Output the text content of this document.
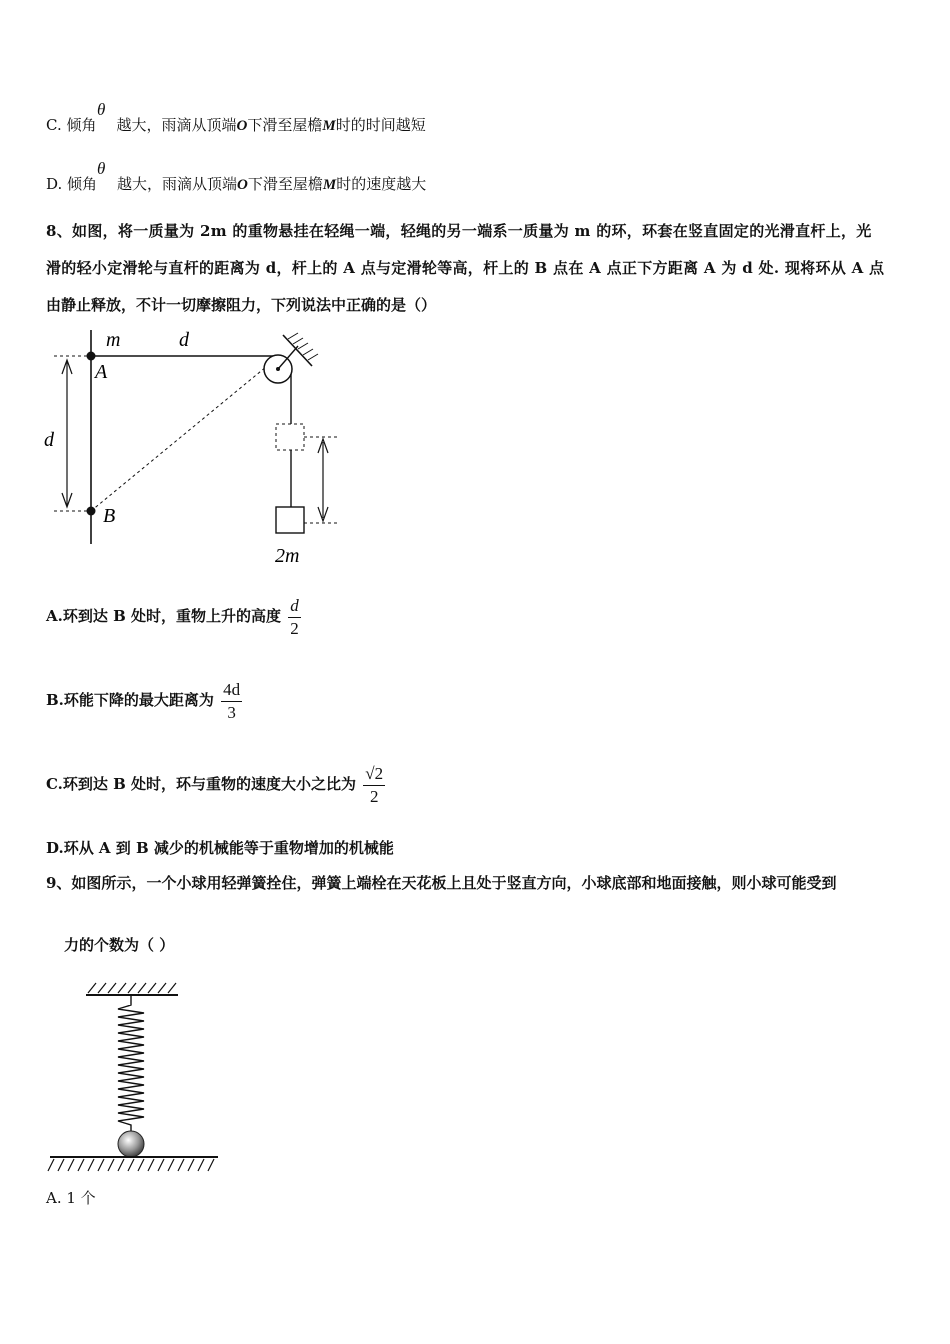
C. 倾角 越大，雨滴从顶端O下滑至屋檐M时的时间越短
θ
D. 倾角 越大，雨滴从顶端O下滑至屋檐M时的速度越大
θ
8、如图，将一质量为 2m 的重物悬挂在轻绳一端，轻绳的另一端系一质量为 m 的环，环套在竖直固定的光滑直杆上，光
滑的轻小定滑轮与直杆的距离为 d，杆上的 A 点与定滑轮等高，杆上的 B 点在 A 点正下方距离 A 为 d 处. 现将环从 A 点
由静止释放，不计一切摩擦阻力，下列说法中正确的是（）
m	d
A
d
B
2m
A.环到达 B 处时，重物上升的高度 $\frac{d}{2}$
B.环能下降的最大距离为 $\frac{4d}{3}$
C.环到达 B 处时，环与重物的速度大小之比为 $\frac{√2}{2}$
D.环从 A 到 B 减少的机械能等于重物增加的机械能
9、如图所示，一个小球用轻弹簧拴住，弹簧上端栓在天花板上且处于竖直方向，小球底部和地面接触，则小球可能受到
力的个数为（ ）
A. 1 个
